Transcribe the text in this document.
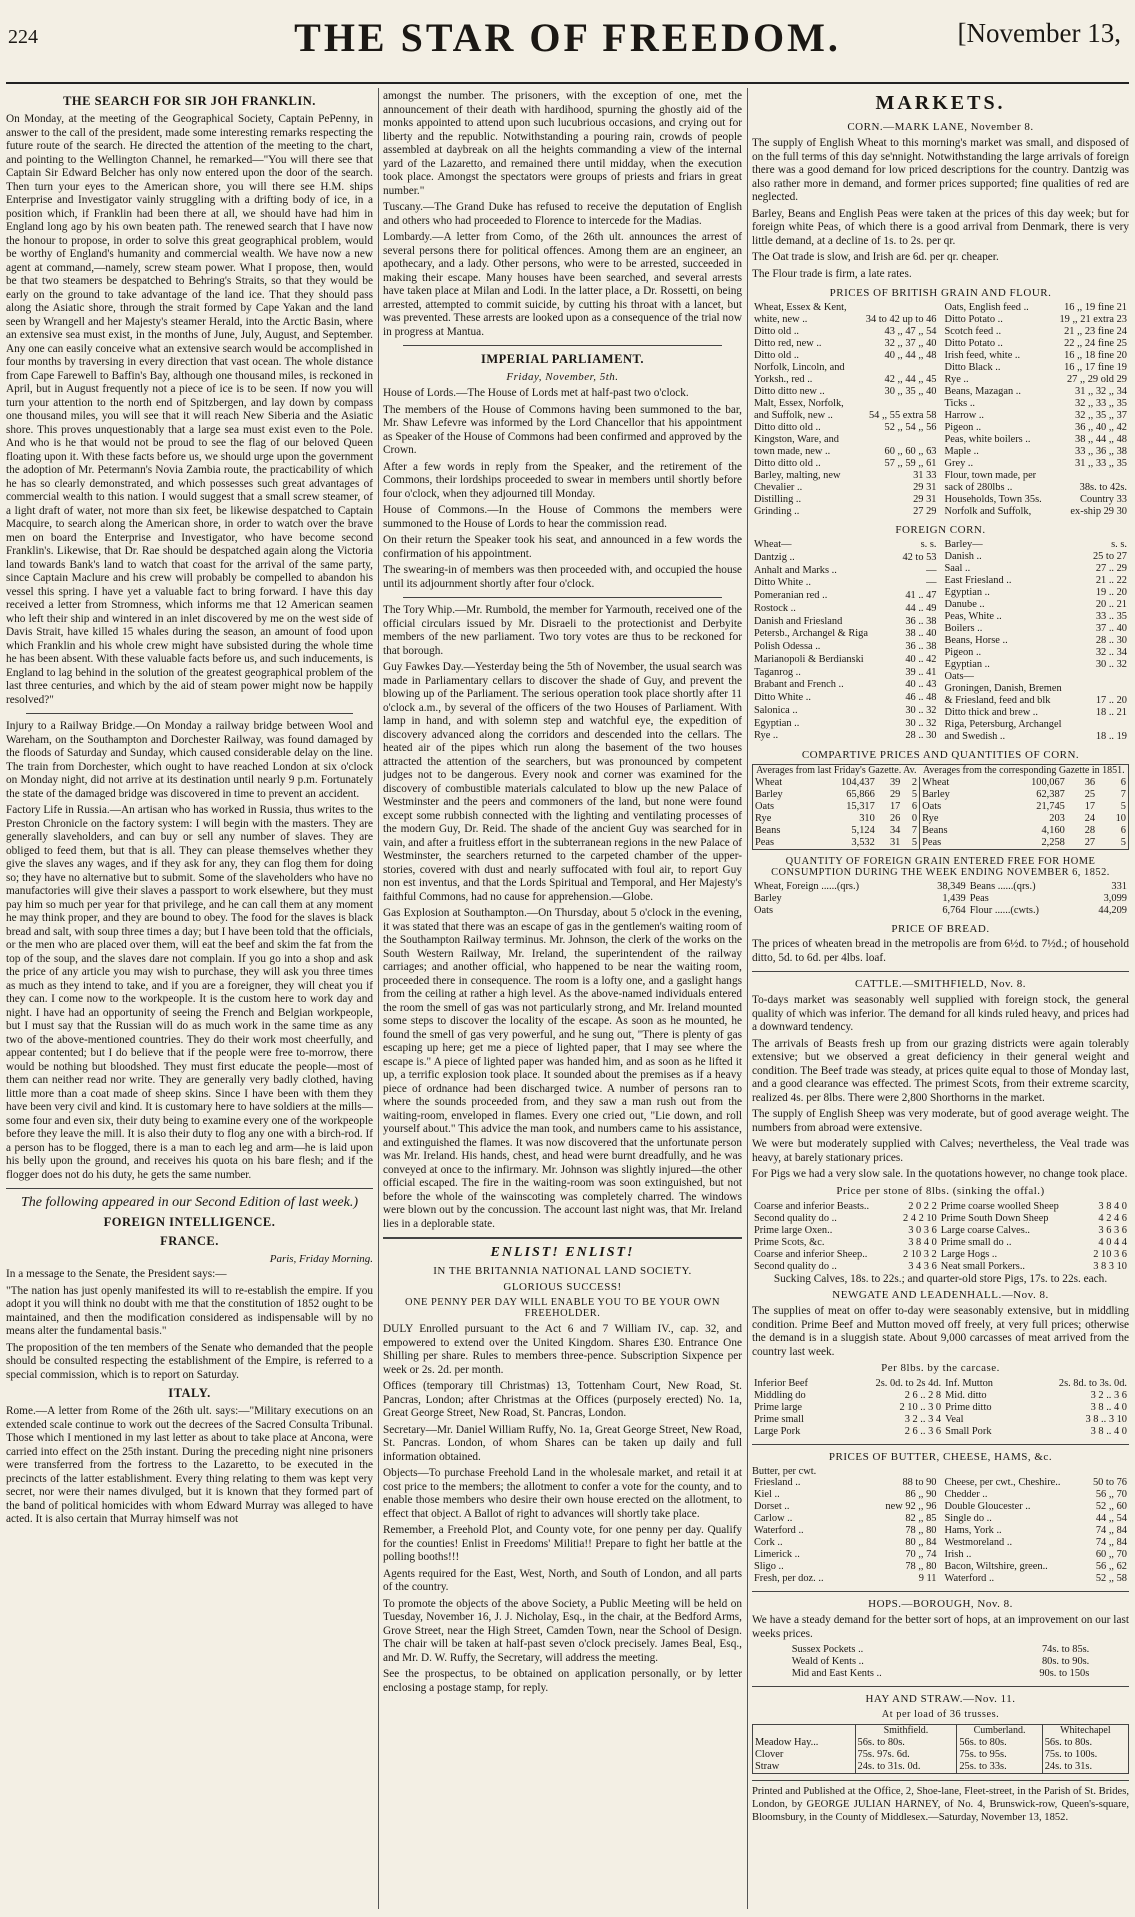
224	THE STAR OF FREEDOM.	[November 13,
THE SEARCH FOR SIR JOH FRANKLIN.

On Monday, at the meeting of the Geographical Society, Captain PePenny, in answer to the call of the president, made some interesting remarks respecting the future route of the search. He directed the attention of the meeting to the chart, and pointing to the Wellington Channel, he remarked—"You will there see that Captain Sir Edward Belcher has only now entered upon the door of the search. Then turn your eyes to the American shore, you will there see H.M. ships Enterprise and Investigator vainly struggling with a drifting body of ice, in a position which, if Franklin had been there at all, we should have had him in England long ago by his own beaten path. The renewed search that I have now the honour to propose, in order to solve this great geographical problem, would be worthy of England's humanity and commercial wealth. We have now a new agent at command,—namely, screw steam power. What I propose, then, would be that two steamers be despatched to Behring's Straits, so that they would be early on the ground to take advantage of the land ice. That they should pass along the Asiatic shore, through the strait formed by Cape Yakan and the land seen by Wrangell and her Majesty's steamer Herald, into the Arctic Basin, where an extensive sea must exist, in the months of June, July, August, and September. Any one can easily conceive what an extensive search would be accomplished in four months by traversing in every direction that vast ocean. The whole distance from Cape Farewell to Baffin's Bay, although one thousand miles, is reckoned in April, but in August frequently not a piece of ice is to be seen. If now you will turn your attention to the north end of Spitzbergen, and lay down by compass one thousand miles, you will see that it will reach New Siberia and the Asiatic shore. This proves unquestionably that a large sea must exist even to the Pole. And who is he that would not be proud to see the flag of our beloved Queen floating upon it. With these facts before us, we should urge upon the government the adoption of Mr. Petermann's Novia Zambia route, the practicability of which he has so clearly demonstrated, and which possesses such great advantages of commercial wealth to this nation. I would suggest that a small screw steamer, of a light draft of water, not more than six feet, be likewise despatched to Captain Macquire, to search along the American shore, in order to watch over the brave men on board the Enterprise and Investigator, who have become second Franklin's. Likewise, that Dr. Rae should be despatched again along the Victoria land towards Bank's land to watch that coast for the arrival of the same party, since Captain Maclure and his crew will probably be compelled to abandon his vessel this spring. I have yet a valuable fact to bring forward. I have this day received a letter from Stromness, which informs me that 12 American seamen who left their ship and wintered in an inlet discovered by me on the west side of Davis Strait, have killed 15 whales during the season, an amount of food upon which Franklin and his whole crew might have subsisted during the whole time he has been absent. With these valuable facts before us, and such inducements, is England to lag behind in the solution of the greatest geographical problem of the last three centuries, and which by the aid of steam power might now be happily resolved?"

Injury to a Railway Bridge.—On Monday a railway bridge between Wool and Wareham, on the Southampton and Dorchester Railway, was found damaged by the floods of Saturday and Sunday, which caused considerable delay on the line. The train from Dorchester, which ought to have reached London at six o'clock on Monday night, did not arrive at its destination until nearly 9 p.m. Fortunately the state of the damaged bridge was discovered in time to prevent an accident.

Factory Life in Russia.—An artisan who has worked in Russia, thus writes to the Preston Chronicle on the factory system: I will begin with the masters. They are generally slaveholders, and can buy or sell any number of slaves. They are obliged to feed them, but that is all. They can please themselves whether they give the slaves any wages, and if they ask for any, they can flog them for doing so; they have no alternative but to submit. Some of the slaveholders who have no manufactories will give their slaves a passport to work elsewhere, but they must pay him so much per year for that privilege, and he can call them at any moment he may think proper, and they are bound to obey. The food for the slaves is black bread and salt, with soup three times a day; but I have been told that the officials, or the men who are placed over them, will eat the beef and skim the fat from the top of the soup, and the slaves dare not complain. If you go into a shop and ask the price of any article you may wish to purchase, they will ask you three times as much as they intend to take, and if you are a foreigner, they will cheat you if they can. I come now to the workpeople. It is the custom here to work day and night. I have had an opportunity of seeing the French and Belgian workpeople, but I must say that the Russian will do as much work in the same time as any two of the above-mentioned countries. They do their work most cheerfully, and appear contented; but I do believe that if the people were free to-morrow, there would be nothing but bloodshed. They must first educate the people—most of them can neither read nor write. They are generally very badly clothed, having little more than a coat made of sheep skins. Since I have been with them they have been very civil and kind. It is customary here to have soldiers at the mills—some four and even six, their duty being to examine every one of the workpeople before they leave the mill. It is also their duty to flog any one with a birch-rod. If a person has to be flogged, there is a man to each leg and arm—he is laid upon his belly upon the ground, and receives his quota on his bare flesh; and if the flogger does not do his duty, he gets the same number.

The following appeared in our Second Edition of last week.)
FOREIGN INTELLIGENCE.
FRANCE.
Paris, Friday Morning.

In a message to the Senate, the President says:—

"The nation has just openly manifested its will to re-establish the empire. If you adopt it you will think no doubt with me that the constitution of 1852 ought to be maintained, and then the modification considered as indispensable will by no means alter the fundamental basis."

The proposition of the ten members of the Senate who demanded that the people should be consulted respecting the establishment of the Empire, is referred to a special commission, which is to report on Saturday.

ITALY.

Rome.—A letter from Rome of the 26th ult. says:—"Military executions on an extended scale continue to work out the decrees of the Sacred Consulta Tribunal. Those which I mentioned in my last letter as about to take place at Ancona, were carried into effect on the 25th instant. During the preceding night nine prisoners were transferred from the fortress to the Lazaretto, to be executed in the precincts of the latter establishment. Every thing relating to them was kept very secret, nor were their names divulged, but it is known that they formed part of the band of political homicides with whom Edward Murray was alleged to have acted. It is also certain that Murray himself was not

amongst the number. The prisoners, with the exception of one, met the announcement of their death with hardihood, spurning the ghostly aid of the monks appointed to attend upon such lucubrious occasions, and crying out for liberty and the republic. Notwithstanding a pouring rain, crowds of people assembled at daybreak on all the heights commanding a view of the internal yard of the Lazaretto, and remained there until midday, when the execution took place. Amongst the spectators were groups of priests and friars in great number."

Tuscany.—The Grand Duke has refused to receive the deputation of English and others who had proceeded to Florence to intercede for the Madias.

Lombardy.—A letter from Como, of the 26th ult. announces the arrest of several persons there for political offences. Among them are an engineer, an apothecary, and a lady. Other persons, who were to be arrested, succeeded in making their escape. Many houses have been searched, and several arrests have taken place at Milan and Lodi. In the latter place, a Dr. Rossetti, on being arrested, attempted to commit suicide, by cutting his throat with a lancet, but was prevented. These arrests are looked upon as a consequence of the trial now in progress at Mantua.

IMPERIAL PARLIAMENT.
Friday, November, 5th.

House of Lords.—The House of Lords met at half-past two o'clock.

The members of the House of Commons having been summoned to the bar, Mr. Shaw Lefevre was informed by the Lord Chancellor that his appointment as Speaker of the House of Commons had been confirmed and approved by the Crown.

After a few words in reply from the Speaker, and the retirement of the Commons, their lordships proceeded to swear in members until shortly before four o'clock, when they adjourned till Monday.

House of Commons.—In the House of Commons the members were summoned to the House of Lords to hear the commission read.

On their return the Speaker took his seat, and announced in a few words the confirmation of his appointment.

The swearing-in of members was then proceeded with, and occupied the house until its adjournment shortly after four o'clock.

The Tory Whip.—Mr. Rumbold, the member for Yarmouth, received one of the official circulars issued by Mr. Disraeli to the protectionist and Derbyite members of the new parliament. Two tory votes are thus to be reckoned for that borough.

Guy Fawkes Day.—Yesterday being the 5th of November, the usual search was made in Parliamentary cellars to discover the shade of Guy, and prevent the blowing up of the Parliament. The serious operation took place shortly after 11 o'clock a.m., by several of the officers of the two Houses of Parliament. With lamp in hand, and with solemn step and watchful eye, the expedition of discovery advanced along the corridors and descended into the cellars. The heated air of the pipes which run along the basement of the two houses attracted the attention of the searchers, but was pronounced by competent judges not to be dangerous. Every nook and corner was examined for the discovery of combustible materials calculated to blow up the new Palace of Westminster and the peers and commoners of the land, but none were found except some rubbish connected with the lighting and ventilating processes of the modern Guy, Dr. Reid. The shade of the ancient Guy was searched for in vain, and after a fruitless effort in the subterranean regions in the new Palace of Westminster, the searchers returned to the carpeted chamber of the upper-stories, covered with dust and nearly suffocated with foul air, to report Guy non est inventus, and that the Lords Spiritual and Temporal, and Her Majesty's faithful Commons, had no cause for apprehension.—Globe.

Gas Explosion at Southampton.—On Thursday, about 5 o'clock in the evening, it was stated that there was an escape of gas in the gentlemen's waiting room of the Southampton Railway terminus. Mr. Johnson, the clerk of the works on the South Western Railway, Mr. Ireland, the superintendent of the railway carriages; and another official, who happened to be near the waiting room, proceeded there in consequence. The room is a lofty one, and a gaslight hangs from the ceiling at rather a high level. As the above-named individuals entered the room the smell of gas was not particularly strong, and Mr. Ireland mounted some steps to discover the locality of the escape. As soon as he mounted, he found the smell of gas very powerful, and he sung out, "There is plenty of gas escaping up here; get me a piece of lighted paper, that I may see where the escape is." A piece of lighted paper was handed him, and as soon as he lifted it up, a terrific explosion took place. It sounded about the premises as if a heavy piece of ordnance had been discharged twice. A number of persons ran to where the sounds proceeded from, and they saw a man rush out from the waiting-room, enveloped in flames. Every one cried out, "Lie down, and roll yourself about." This advice the man took, and numbers came to his assistance, and extinguished the flames. It was now discovered that the unfortunate person was Mr. Ireland. His hands, chest, and head were burnt dreadfully, and he was conveyed at once to the infirmary. Mr. Johnson was slightly injured—the other official escaped. The fire in the waiting-room was soon extinguished, but not before the whole of the wainscoting was completely charred. The windows were blown out by the concussion. The account last night was, that Mr. Ireland lies in a deplorable state.

ENLIST! ENLIST!
IN THE BRITANNIA NATIONAL LAND SOCIETY.
GLORIOUS SUCCESS!
ONE PENNY PER DAY WILL ENABLE YOU TO BE YOUR OWN FREEHOLDER.

DULY Enrolled pursuant to the Act 6 and 7 William IV., cap. 32, and empowered to extend over the United Kingdom. Shares £30. Entrance One Shilling per share. Rules to members three-pence. Subscription Sixpence per week or 2s. 2d. per month.

Offices (temporary till Christmas) 13, Tottenham Court, New Road, St. Pancras, London; after Christmas at the Offices (purposely erected) No. 1a, Great George Street, New Road, St. Pancras, London.

Secretary—Mr. Daniel William Ruffy, No. 1a, Great George Street, New Road, St. Pancras. London, of whom Shares can be taken up daily and full information obtained.

Objects—To purchase Freehold Land in the wholesale market, and retail it at cost price to the members; the allotment to confer a vote for the county, and to enable those members who desire their own house erected on the allotment, to effect that object. A Ballot of right to advances will shortly take place.

Remember, a Freehold Plot, and County vote, for one penny per day. Qualify for the counties! Enlist in Freedoms' Militia!! Prepare to fight her battle at the polling booths!!!

Agents required for the East, West, North, and South of London, and all parts of the country.

To promote the objects of the above Society, a Public Meeting will be held on Tuesday, November 16, J. J. Nicholay, Esq., in the chair, at the Bedford Arms, Grove Street, near the High Street, Camden Town, near the School of Design. The chair will be taken at half-past seven o'clock precisely. James Beal, Esq., and Mr. D. W. Ruffy, the Secretary, will address the meeting.

See the prospectus, to be obtained on application personally, or by letter enclosing a postage stamp, for reply.

MARKETS.
CORN.—MARK LANE, November 8.

The supply of English Wheat to this morning's market was small, and disposed of on the full terms of this day se'nnight. Notwithstanding the large arrivals of foreign there was a good demand for low priced descriptions for the country. Dantzig was also rather more in demand, and former prices supported; fine qualities of red are neglected.

Barley, Beans and English Peas were taken at the prices of this day week; but for foreign white Peas, of which there is a good arrival from Denmark, there is very little demand, at a decline of 1s. to 2s. per qr.

The Oat trade is slow, and Irish are 6d. per qr. cheaper.

The Flour trade is firm, a late rates.

PRICES OF BRITISH GRAIN AND FLOUR.
Wheat, Essex & Kent,	
white, new ..	34 to 42 up to 46
Ditto old ..	43 ,, 47 ,, 54
Ditto red, new ..	32 ,, 37 ,, 40
Ditto old ..	40 ,, 44 ,, 48
Norfolk, Lincoln, and	
Yorksh., red ..	42 ,, 44 ,, 45
Ditto ditto new ..	30 ,, 35 ,, 40
Malt, Essex, Norfolk,	
and Suffolk, new ..	54 ,, 55 extra 58
Ditto ditto old ..	52 ,, 54 ,, 56
Kingston, Ware, and	
town made, new ..	60 ,, 60 ,, 63
Ditto ditto old ..	57 ,, 59 ,, 61
Barley, malting, new	31 33
Chevalier ..	29 31
Distilling ..	29 31
Grinding ..	27 29
Oats, English feed ..	16 ,, 19 fine 21
Ditto Potato ..	19 ,, 21 extra 23
Scotch feed ..	21 ,, 23 fine 24
Ditto Potato ..	22 ,, 24 fine 25
Irish feed, white ..	16 ,, 18 fine 20
Ditto Black ..	16 ,, 17 fine 19
Rye ..	27 ,, 29 old 29
Beans, Mazagan ..	31 ,, 32 ,, 34
Ticks ..	32 ,, 33 ,, 35
Harrow ..	32 ,, 35 ,, 37
Pigeon ..	36 ,, 40 ,, 42
Peas, white boilers ..	38 ,, 44 ,, 48
Maple ..	33 ,, 36 ,, 38
Grey ..	31 ,, 33 ,, 35
Flour, town made, per	
sack of 280lbs ..	38s. to 42s.
Households, Town 35s.	Country 33
Norfolk and Suffolk,	ex-ship 29 30
FOREIGN CORN.
Wheat—	s. s.
Dantzig ..	42 to 53
Anhalt and Marks ..	—
Ditto White ..	—
Pomeranian red ..	41 .. 47
Rostock ..	44 .. 49
Danish and Friesland	36 .. 38
Petersb., Archangel & Riga	38 .. 40
Polish Odessa ..	36 .. 38
Marianopoli & Berdianski	40 .. 42
Taganrog ..	39 .. 41
Brabant and French ..	40 .. 43
Ditto White ..	46 .. 48
Salonica ..	30 .. 32
Egyptian ..	30 .. 32
Rye ..	28 .. 30
Barley—	s. s.
Danish ..	25 to 27
Saal ..	27 .. 29
East Friesland ..	21 .. 22
Egyptian ..	19 .. 20
Danube ..	20 .. 21
Peas, White ..	33 .. 35
Boilers ..	37 .. 40
Beans, Horse ..	28 .. 30
Pigeon ..	32 .. 34
Egyptian ..	30 .. 32
Oats—	
Groningen, Danish, Bremen	
& Friesland, feed and blk	17 .. 20
Ditto thick and brew ..	18 .. 21
Riga, Petersburg, Archangel	
and Swedish ..	18 .. 19
COMPARTIVE PRICES AND QUANTITIES OF CORN.
Averages from last Friday's Gazette. Av.				Averages from the corresponding Gazette in 1851.			
Wheat	104,437	39	2	Wheat	100,067	36	6
Barley	65,866	29	5	Barley	62,387	25	7
Oats	15,317	17	6	Oats	21,745	17	5
Rye	310	26	0	Rye	203	24	10
Beans	5,124	34	7	Beans	4,160	28	6
Peas	3,532	31	5	Peas	2,258	27	5
QUANTITY OF FOREIGN GRAIN ENTERED FREE FOR HOME CONSUMPTION DURING THE WEEK ENDING NOVEMBER 6, 1852.
Wheat, Foreign ......(qrs.)	38,349	Beans ......(qrs.)	331
Barley	1,439	Peas	3,099
Oats	6,764	Flour ......(cwts.)	44,209
PRICE OF BREAD.

The prices of wheaten bread in the metropolis are from 6½d. to 7½d.; of household ditto, 5d. to 6d. per 4lbs. loaf.

CATTLE.—SMITHFIELD, Nov. 8.

To-days market was seasonably well supplied with foreign stock, the general quality of which was inferior. The demand for all kinds ruled heavy, and prices had a downward tendency.

The arrivals of Beasts fresh up from our grazing districts were again tolerably extensive; but we observed a great deficiency in their general weight and condition. The Beef trade was steady, at prices quite equal to those of Monday last, and a good clearance was effected. The primest Scots, from their extreme scarcity, realized 4s. per 8lbs. There were 2,800 Shorthorns in the market.

The supply of English Sheep was very moderate, but of good average weight. The numbers from abroad were extensive.

We were but moderately supplied with Calves; nevertheless, the Veal trade was heavy, at barely stationary prices.

For Pigs we had a very slow sale. In the quotations however, no change took place.

Price per stone of 8lbs. (sinking the offal.)
Coarse and inferior Beasts..	2 0 2 2	Prime coarse woolled Sheep	3 8 4 0
Second quality do ..	2 4 2 10	Prime South Down Sheep	4 2 4 6
Prime large Oxen..	3 0 3 6	Large coarse Calves..	3 6 3 6
Prime Scots, &c.	3 8 4 0	Prime small do ..	4 0 4 4
Coarse and inferior Sheep..	2 10 3 2	Large Hogs ..	2 10 3 6
Second quality do ..	3 4 3 6	Neat small Porkers..	3 8 3 10

Sucking Calves, 18s. to 22s.; and quarter-old store Pigs, 17s. to 22s. each.

NEWGATE AND LEADENHALL.—Nov. 8.

The supplies of meat on offer to-day were seasonably extensive, but in middling condition. Prime Beef and Mutton moved off freely, at very full prices; otherwise the demand is in a sluggish state. About 9,000 carcasses of meat arrived from the country last week.

Per 8lbs. by the carcase.
Inferior Beef	2s. 0d. to 2s 4d.	Inf. Mutton	2s. 8d. to 3s. 0d.
Middling do	2 6 .. 2 8	Mid. ditto	3 2 .. 3 6
Prime large	2 10 .. 3 0	Prime ditto	3 8 .. 4 0
Prime small	3 2 .. 3 4	Veal	3 8 .. 3 10
Large Pork	2 6 .. 3 6	Small Pork	3 8 .. 4 0
PRICES OF BUTTER, CHEESE, HAMS, &c.
Butter, per cwt.
Friesland ..	88 to 90
Kiel ..	86 ,, 90
Dorset ..	new 92 ,, 96
Carlow ..	82 ,, 85
Waterford ..	78 ,, 80
Cork ..	80 ,, 84
Limerick ..	70 ,, 74
Sligo ..	78 ,, 80
Fresh, per doz. ..	9 11
Cheese, per cwt., Cheshire..	50 to 76
Chedder ..	56 ,, 70
Double Gloucester ..	52 ,, 60
Single do ..	44 ,, 54
Hams, York ..	74 ,, 84
Westmoreland ..	74 ,, 84
Irish ..	60 ,, 70
Bacon, Wiltshire, green..	56 ,, 62
Waterford ..	52 ,, 58
HOPS.—BOROUGH, Nov. 8.

We have a steady demand for the better sort of hops, at an improvement on our last weeks prices.

Sussex Pockets ..	74s. to 85s.
Weald of Kents ..	80s. to 90s.
Mid and East Kents ..	90s. to 150s
HAY AND STRAW.—Nov. 11.
At per load of 36 trusses.
	Smithfield.	Cumberland.	Whitechapel
Meadow Hay...	56s. to 80s.	56s. to 80s.	56s. to 80s.
Clover	75s. 97s. 6d.	75s. to 95s.	75s. to 100s.
Straw	24s. to 31s. 0d.	25s. to 33s.	24s. to 31s.
Printed and Published at the Office, 2, Shoe-lane, Fleet-street, in the Parish of St. Brides, London, by GEORGE JULIAN HARNEY, of No. 4, Brunswick-row, Queen's-square, Bloomsbury, in the County of Middlesex.—Saturday, November 13, 1852.
